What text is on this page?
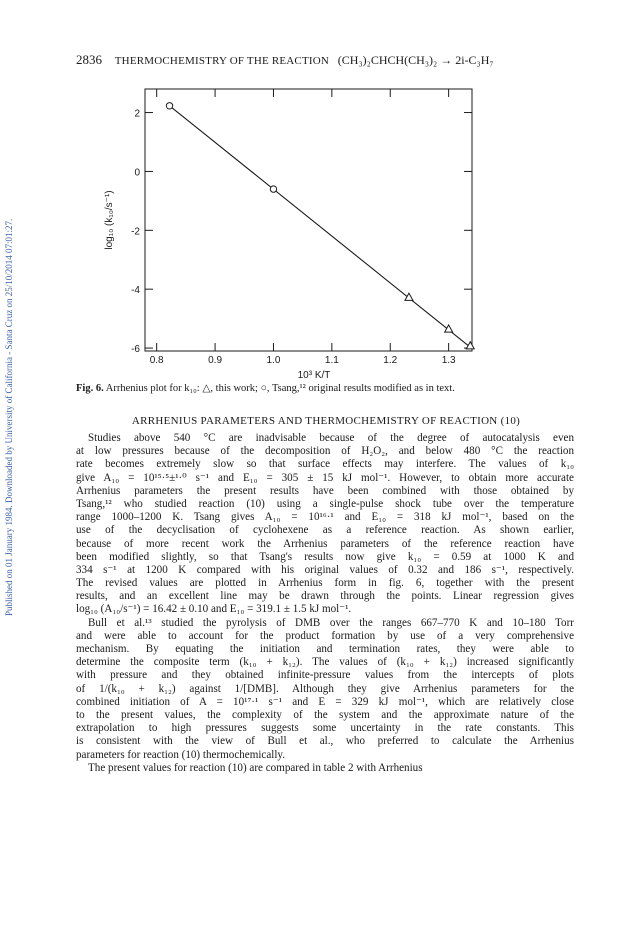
Published on 01 January 1984. Downloaded by University of California - Santa Cruz on 25/10/2014 07:01:27.
2836 THERMOCHEMISTRY OF THE REACTION (CH₃)₂CHCH(CH₃)₂ → 2i-C₃H₇
0.8	0.9	1.0	1.1	1.2	1.3
2
0
-2
-4
-6
10³ K/T
log₁₀ (k₁₀/s⁻¹)
Fig. 6. Arrhenius plot for k₁₀: △, this work; ○, Tsang,¹² original results modified as in text.
ARRHENIUS PARAMETERS AND THERMOCHEMISTRY OF REACTION (10)
Studies above 540 °C are inadvisable because of the degree of autocatalysis even
at low pressures because of the decomposition of H₂O₂, and below 480 °C the reaction
rate becomes extremely slow so that surface effects may interfere. The values of k₁₀
give A₁₀ = 10¹⁵·⁵±¹·⁰ s⁻¹ and E₁₀ = 305 ± 15 kJ mol⁻¹. However, to obtain more accurate
Arrhenius parameters the present results have been combined with those obtained by
Tsang,¹² who studied reaction (10) using a single-pulse shock tube over the temperature
range 1000–1200 K. Tsang gives A₁₀ = 10¹⁶·¹ and E₁₀ = 318 kJ mol⁻¹, based on the
use of the decyclisation of cyclohexene as a reference reaction. As shown earlier,
because of more recent work the Arrhenius parameters of the reference reaction have
been modified slightly, so that Tsang's results now give k₁₀ = 0.59 at 1000 K and
334 s⁻¹ at 1200 K compared with his original values of 0.32 and 186 s⁻¹, respectively.
The revised values are plotted in Arrhenius form in fig. 6, together with the present
results, and an excellent line may be drawn through the points. Linear regression gives
log₁₀ (A₁₀/s⁻¹) = 16.42 ± 0.10 and E₁₀ = 319.1 ± 1.5 kJ mol⁻¹.
Bull et al.¹³ studied the pyrolysis of DMB over the ranges 667–770 K and 10–180 Torr
and were able to account for the product formation by use of a very comprehensive
mechanism. By equating the initiation and termination rates, they were able to
determine the composite term (k₁₀ + k₁₂). The values of (k₁₀ + k₁₂) increased significantly
with pressure and they obtained infinite-pressure values from the intercepts of plots
of 1/(k₁₀ + k₁₂) against 1/[DMB]. Although they give Arrhenius parameters for the
combined initiation of A = 10¹⁷·¹ s⁻¹ and E = 329 kJ mol⁻¹, which are relatively close
to the present values, the complexity of the system and the approximate nature of the
extrapolation to high pressures suggests some uncertainty in the rate constants. This
is consistent with the view of Bull et al., who preferred to calculate the Arrhenius
parameters for reaction (10) thermochemically.
The present values for reaction (10) are compared in table 2 with Arrhenius
